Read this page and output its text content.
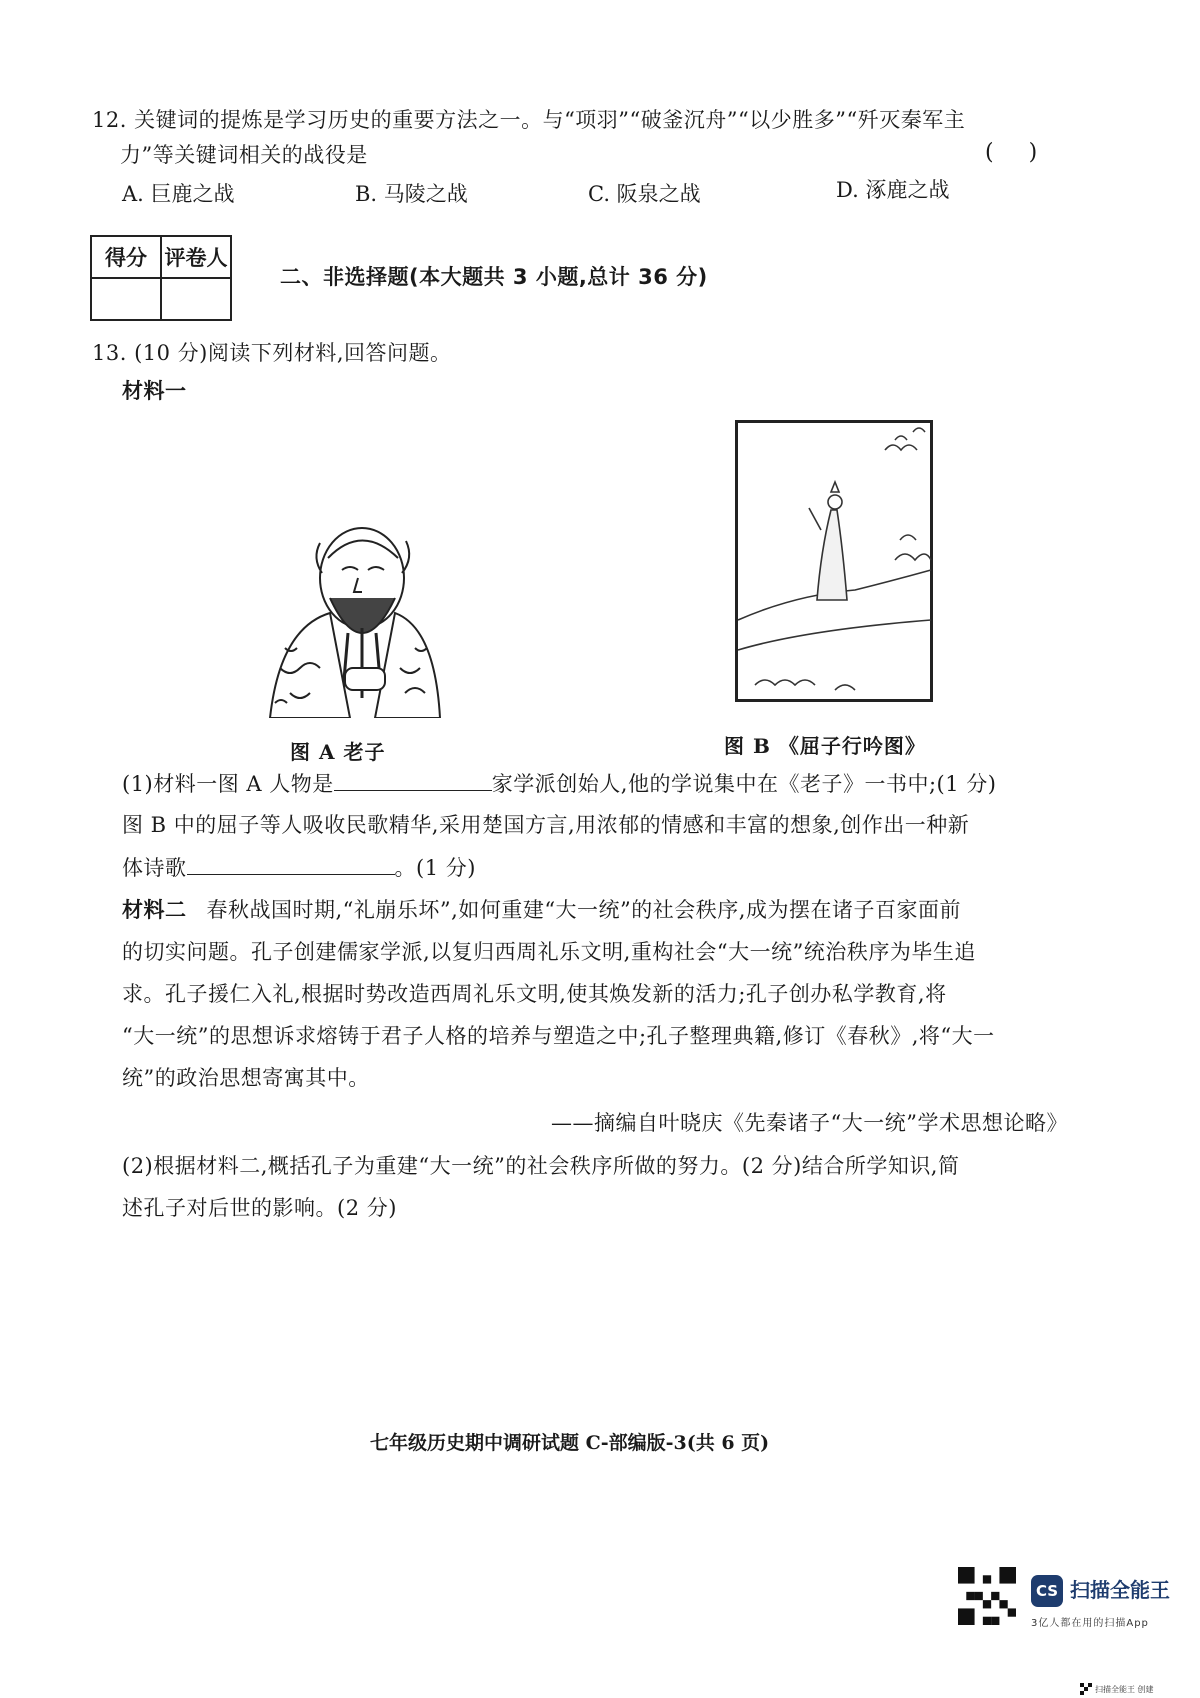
12. 关键词的提炼是学习历史的重要方法之一。与“项羽”“破釜沉舟”“以少胜多”“歼灭秦军主
力”等关键词相关的战役是	( )
A. 巨鹿之战	B. 马陵之战	C. 阪泉之战	D. 涿鹿之战
得分	评卷人

二、非选择题(本大题共 3 小题,总计 36 分)
13. (10 分)阅读下列材料,回答问题。
材料一
图 A 老子	图 B 《屈子行吟图》
(1)材料一图 A 人物是	家学派创始人,他的学说集中在《老子》一书中;(1 分)
图 B 中的屈子等人吸收民歌精华,采用楚国方言,用浓郁的情感和丰富的想象,创作出一种新
体诗歌	。(1 分)
材料二 春秋战国时期,“礼崩乐坏”,如何重建“大一统”的社会秩序,成为摆在诸子百家面前
的切实问题。孔子创建儒家学派,以复归西周礼乐文明,重构社会“大一统”统治秩序为毕生追
求。孔子援仁入礼,根据时势改造西周礼乐文明,使其焕发新的活力;孔子创办私学教育,将
“大一统”的思想诉求熔铸于君子人格的培养与塑造之中;孔子整理典籍,修订《春秋》,将“大一
统”的政治思想寄寓其中。
——摘编自叶晓庆《先秦诸子“大一统”学术思想论略》
(2)根据材料二,概括孔子为重建“大一统”的社会秩序所做的努力。(2 分)结合所学知识,简
述孔子对后世的影响。(2 分)
七年级历史期中调研试题 C-部编版-3(共 6 页)
CS 扫描全能王
3亿人都在用的扫描App
扫描全能王 创建
